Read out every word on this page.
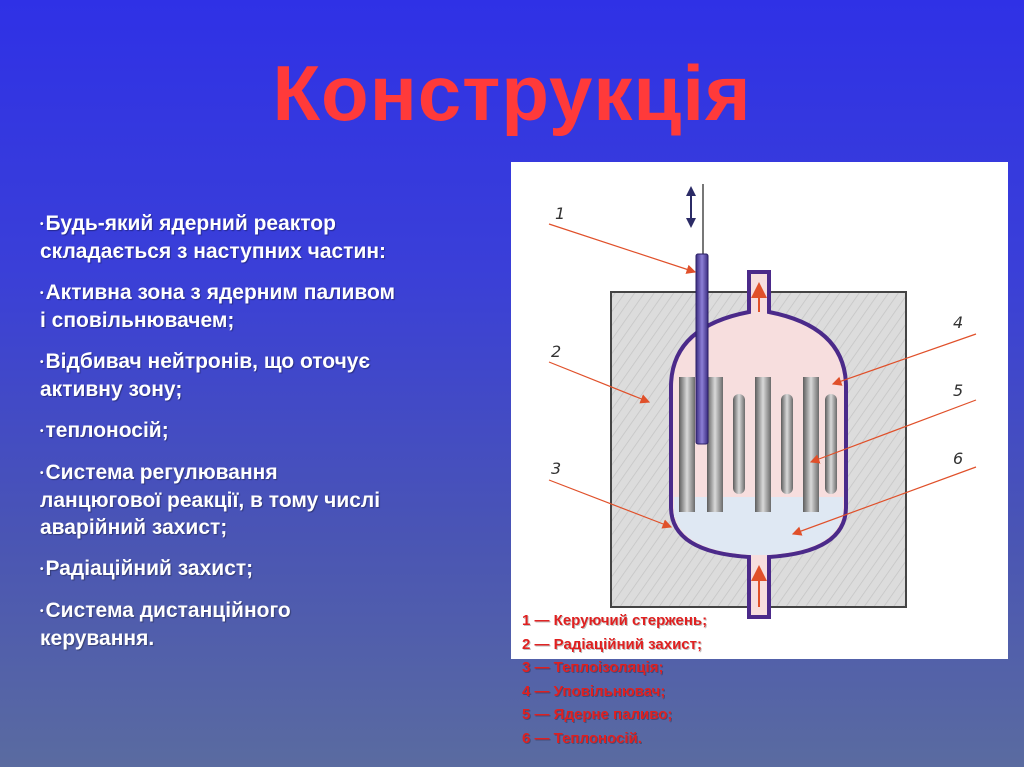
Конструкція
•Будь-який ядерний реактор складається з наступних частин:
•Активна зона з ядерним паливом і сповільнювачем;
•Відбивач нейтронів, що оточує активну зону;
•теплоносій;
•Система регулювання ланцюгової реакції, в тому числі аварійний захист;
•Радіаційний захист;
•Система дистанційного керування.
1
2
3
4
5
6
1 — Керуючий стержень;
2 — Радіаційний захист;
3 — Теплоізоляція;
4 — Уповільнювач;
5 — Ядерне паливо;
6 — Теплоносій.
